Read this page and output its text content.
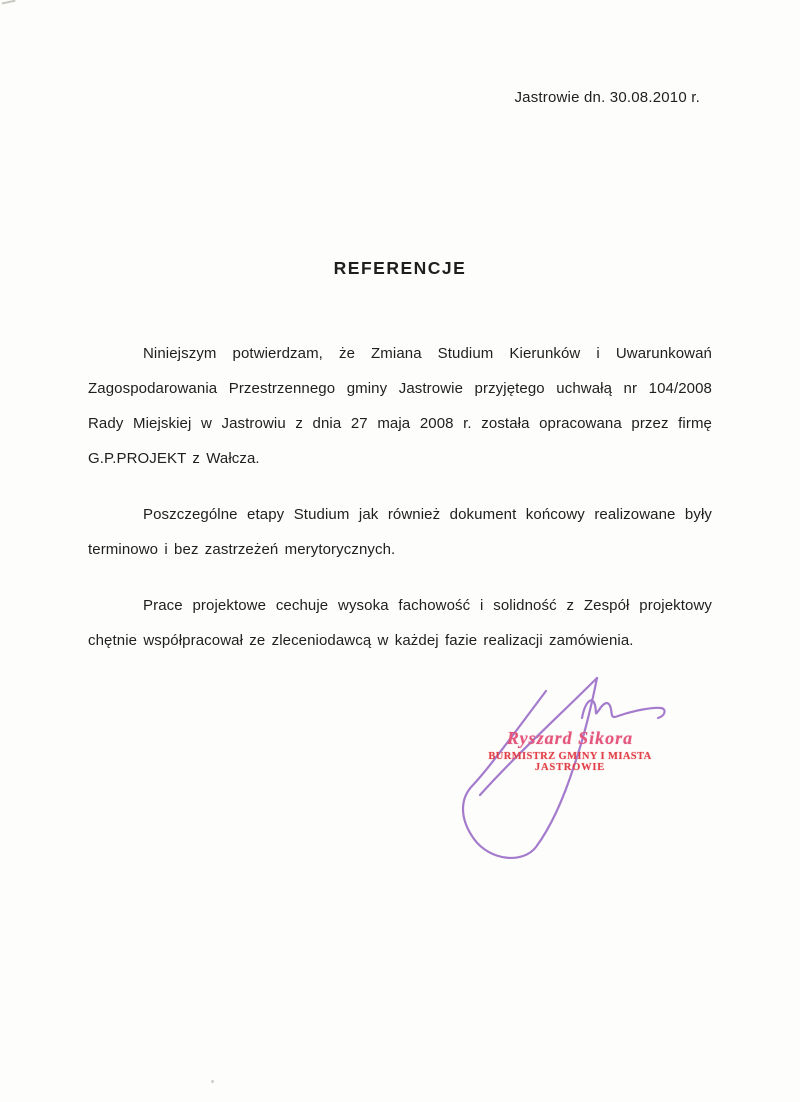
Jastrowie dn. 30.08.2010 r.
REFERENCJE

Niniejszym potwierdzam, że Zmiana Studium Kierunków i Uwarunkowań Zagospodarowania Przestrzennego gminy Jastrowie przyjętego uchwałą nr 104/2008 Rady Miejskiej w Jastrowiu z dnia 27 maja 2008 r. została opracowana przez firmę G.P.PROJEKT z Wałcza.

Poszczególne etapy Studium jak również dokument końcowy realizowane były terminowo i bez zastrzeżeń merytorycznych.

Prace projektowe cechuje wysoka fachowość i solidność z Zespół projektowy chętnie współpracował ze zleceniodawcą w każdej fazie realizacji zamówienia.

Ryszard Sikora
BURMISTRZ GMINY I MIASTA
JASTROWIE
